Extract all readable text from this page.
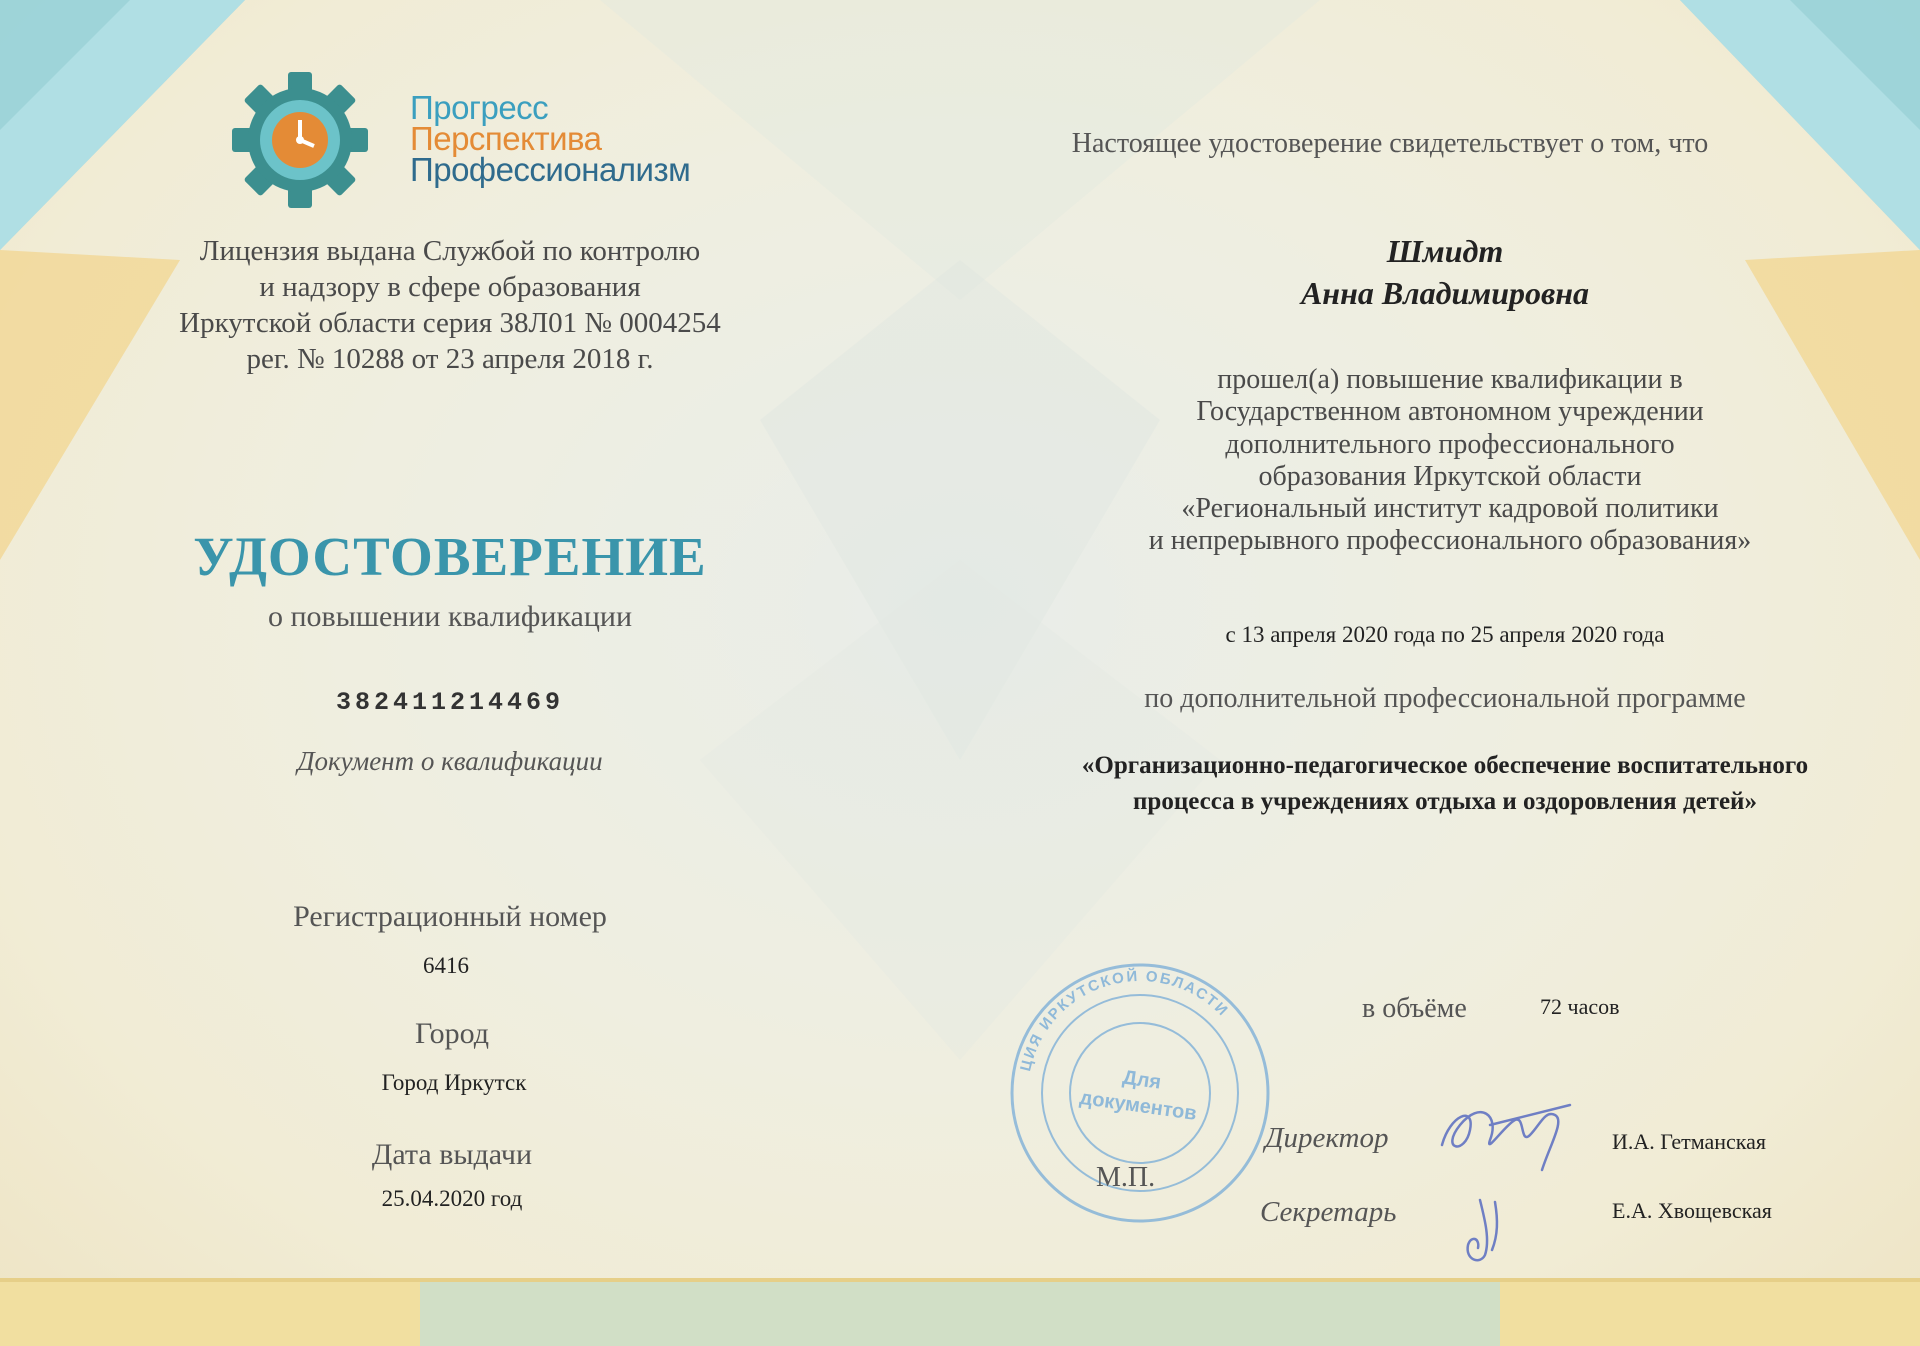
Прогресс
Перспектива
Профессионализм
Лицензия выдана Службой по контролю
и надзору в сфере образования
Иркутской области серия 38Л01 № 0004254
рег. № 10288 от 23 апреля 2018 г.
УДОСТОВЕРЕНИЕ
о повышении квалификации
382411214469
Документ о квалификации
Регистрационный номер
6416
Город
Город Иркутск
Дата выдачи
25.04.2020 год
Настоящее удостоверение свидетельствует о том, что
Шмидт
Анна Владимировна
прошел(а) повышение квалификации в
Государственном автономном учреждении
дополнительного профессионального
образования Иркутской области
«Региональный институт кадровой политики
и непрерывного профессионального образования»
с 13 апреля 2020 года по 25 апреля 2020 года
по дополнительной профессиональной программе
«Организационно-педагогическое обеспечение воспитательного
процесса в учреждениях отдыха и оздоровления детей»
ЦИЯ ИРКУТСКОЙ ОБЛАСТИ
Для
документов
в объёме	72 часов
Директор	И.А. Гетманская
М.П.
Секретарь	Е.А. Хвощевская
